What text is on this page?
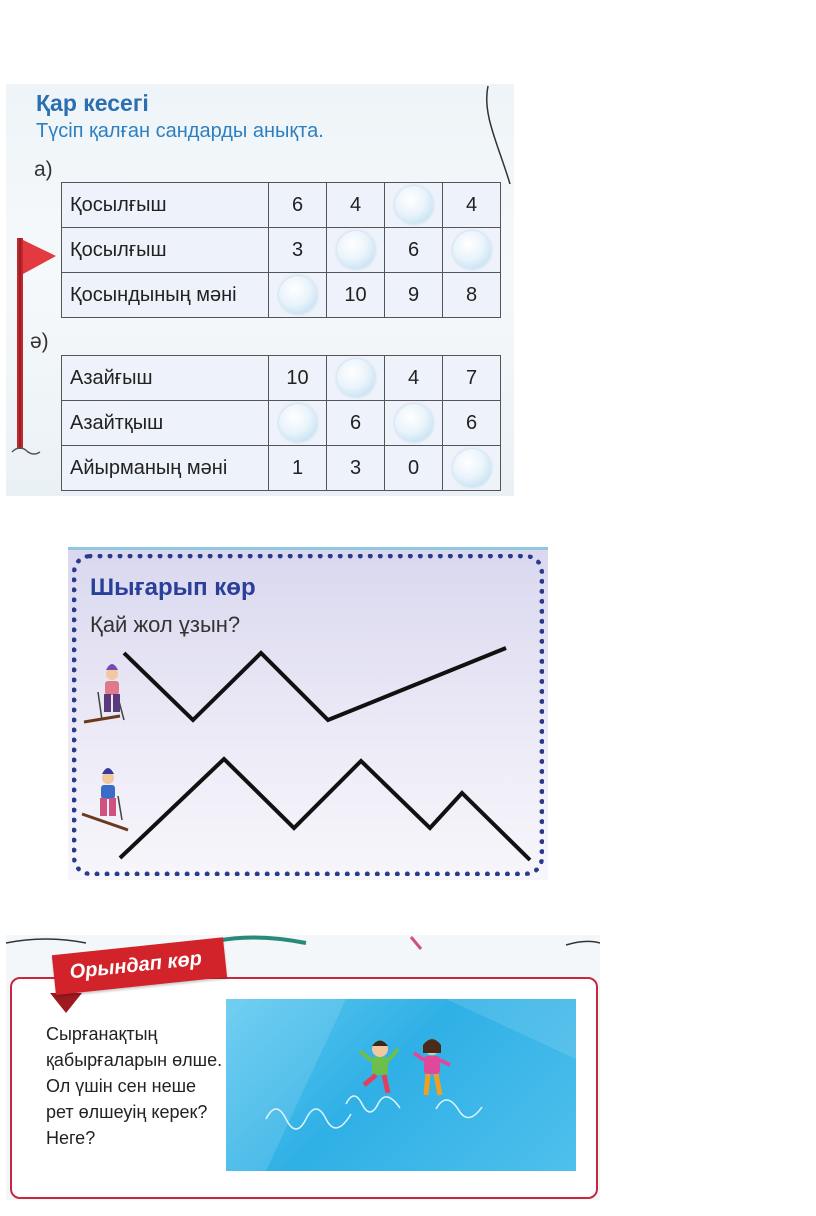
Қар кесегі
Түсіп қалған сандарды анықта.
а)
ә)
Қосылғыш	6	4		4
Қосылғыш	3		6	
Қосындының мәні		10	9	8
Азайғыш	10		4	7
Азайтқыш		6		6
Айырманың мәні	1	3	0	
Шығарып көр
Қай жол ұзын?
Орындап көр
Сырғанақтың қабырғаларын өлше. Ол үшін сен неше рет өлшеуің керек? Неге?
